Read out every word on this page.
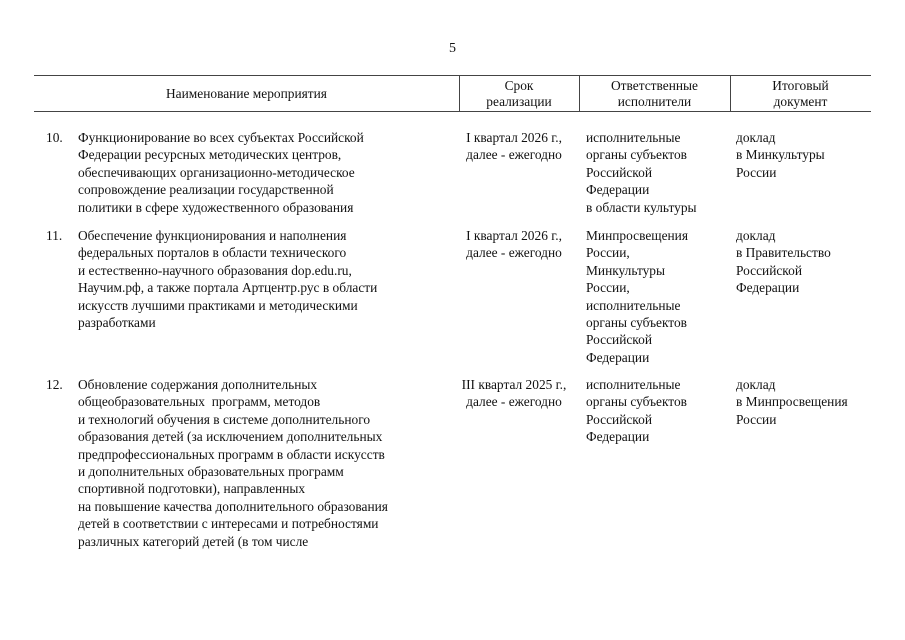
5
Наименование мероприятия
Срок
реализации
Ответственные
исполнители
Итоговый
документ
10. Функционирование во всех субъектах Российской
Федерации ресурсных методических центров,
обеспечивающих организационно-методическое
сопровождение реализации государственной
политики в сфере художественного образования
I квартал 2026 г.,
далее - ежегодно
исполнительные
органы субъектов
Российской
Федерации
в области культуры
доклад
в Минкультуры
России
11. Обеспечение функционирования и наполнения
федеральных порталов в области технического
и естественно-научного образования dop.edu.ru,
Научим.рф, а также портала Артцентр.рус в области
искусств лучшими практиками и методическими
разработками
I квартал 2026 г.,
далее - ежегодно
Минпросвещения
России,
Минкультуры
России,
исполнительные
органы субъектов
Российской
Федерации
доклад
в Правительство
Российской
Федерации
12. Обновление содержания дополнительных
общеобразовательных  программ, методов
и технологий обучения в системе дополнительного
образования детей (за исключением дополнительных
предпрофессиональных программ в области искусств
и дополнительных образовательных программ
спортивной подготовки), направленных
на повышение качества дополнительного образования
детей в соответствии с интересами и потребностями
различных категорий детей (в том числе
III квартал 2025 г.,
далее - ежегодно
исполнительные
органы субъектов
Российской
Федерации
доклад
в Минпросвещения
России
